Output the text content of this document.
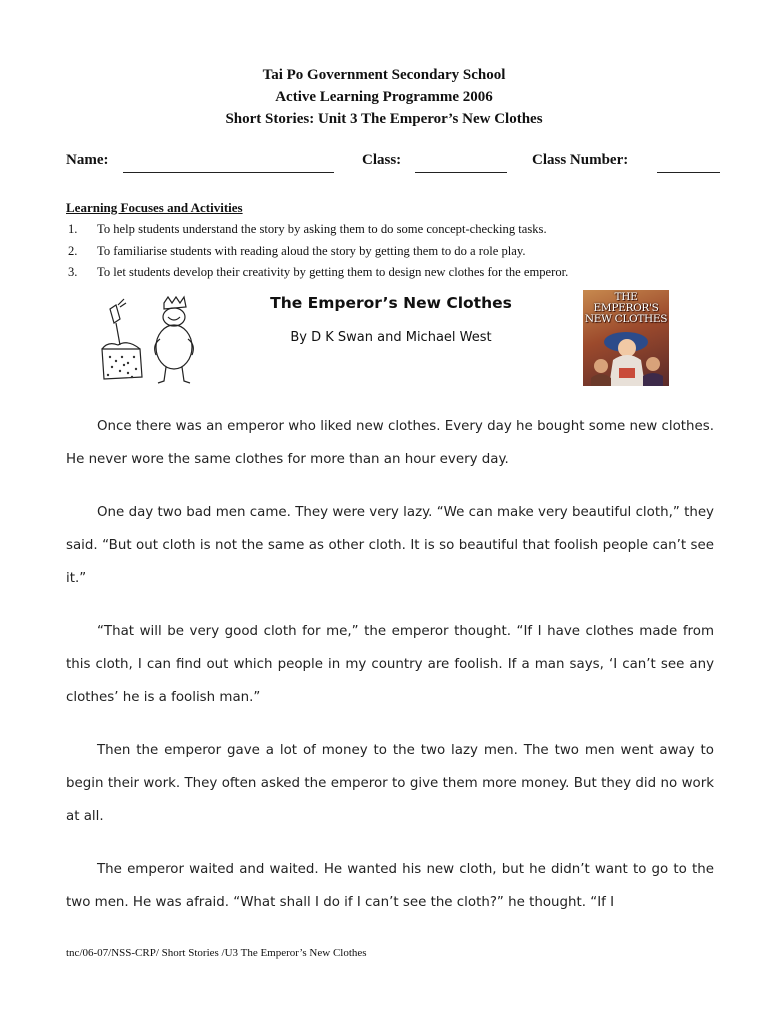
Tai Po Government Secondary School
Active Learning Programme 2006
Short Stories: Unit 3 The Emperor’s New Clothes
Name:	Class:	Class Number:
Learning Focuses and Activities
1. To help students understand the story by asking them to do some concept-checking tasks.
2. To familiarise students with reading aloud the story by getting them to do a role play.
3. To let students develop their creativity by getting them to design new clothes for the emperor.
The Emperor’s New Clothes
By D K Swan and Michael West
THE EMPEROR'S NEW CLOTHES

Once there was an emperor who liked new clothes. Every day he bought some new clothes. He never wore the same clothes for more than an hour every day.

One day two bad men came. They were very lazy. “We can make very beautiful cloth,” they said. “But out cloth is not the same as other cloth. It is so beautiful that foolish people can’t see it.”

“That will be very good cloth for me,” the emperor thought. “If I have clothes made from this cloth, I can find out which people in my country are foolish. If a man says, ‘I can’t see any clothes’ he is a foolish man.”

Then the emperor gave a lot of money to the two lazy men. The two men went away to begin their work. They often asked the emperor to give them more money. But they did no work at all.

The emperor waited and waited. He wanted his new cloth, but he didn’t want to go to the two men. He was afraid. “What shall I do if I can’t see the cloth?” he thought. “If I

tnc/06-07/NSS-CRP/ Short Stories /U3 The Emperor’s New Clothes
